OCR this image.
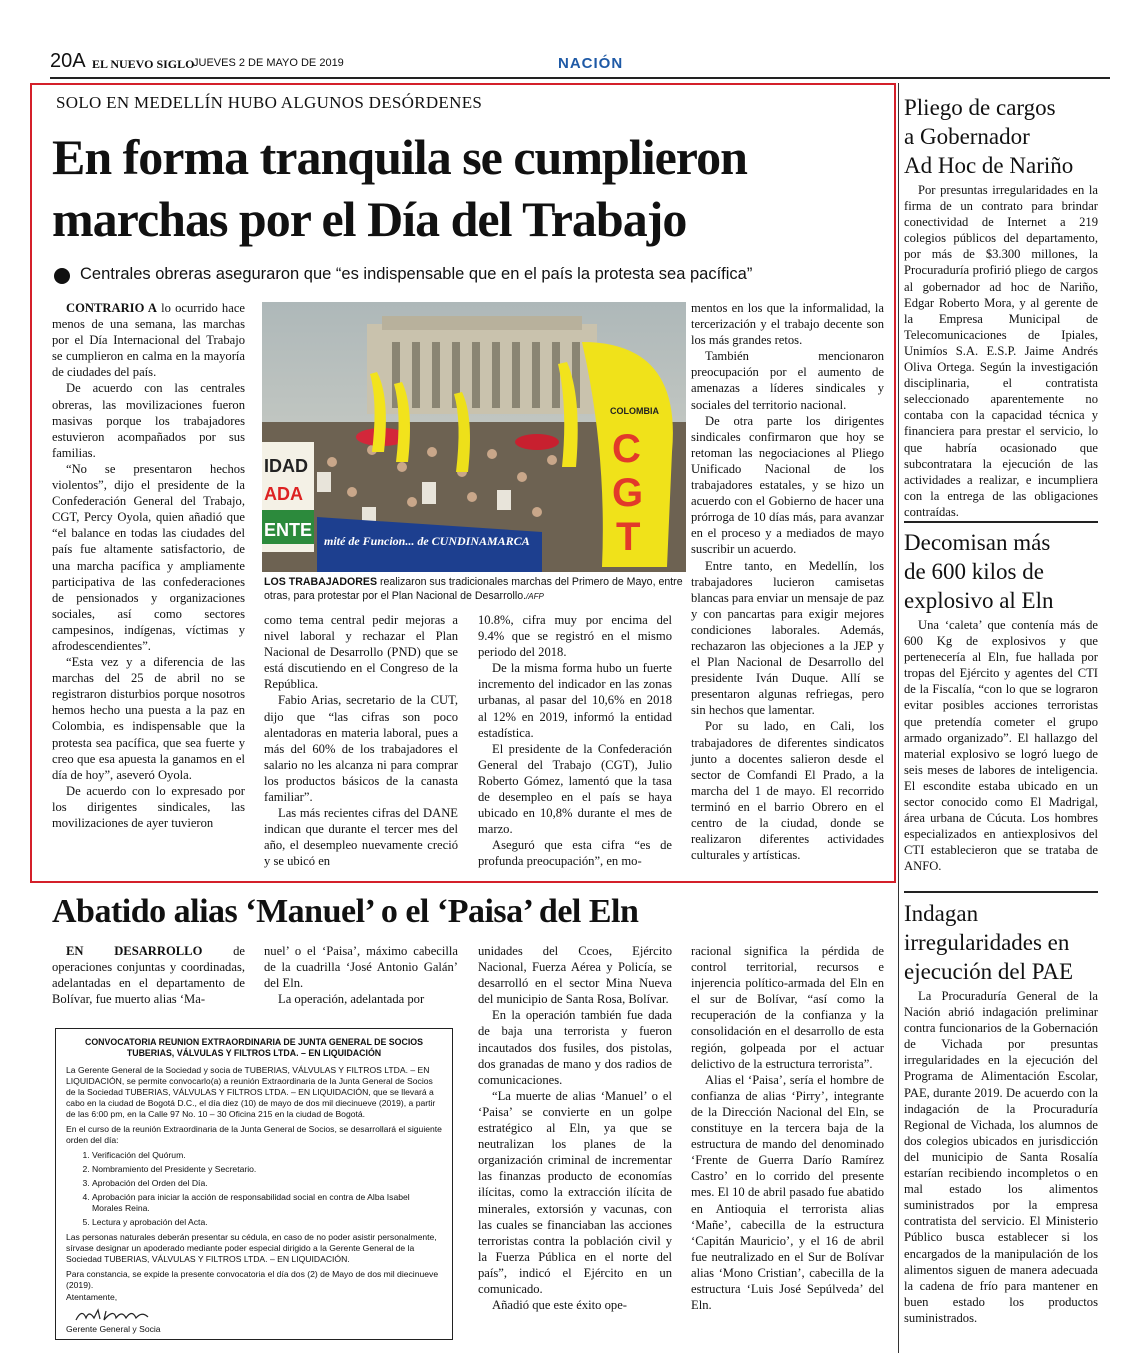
20A EL NUEVO SIGLO
JUEVES 2 DE MAYO DE 2019	NACIÓN
SOLO EN MEDELLÍN HUBO ALGUNOS DESÓRDENES
En forma tranquila se cumplieron
marchas por el Día del Trabajo
Centrales obreras aseguraron que “es indispensable que en el país la protesta sea pacífica”
IDAD
ADA
ENTE
mité de Funcion... de CUNDINAMARCA
COLOMBIA
C
G
T
LOS TRABAJADORES realizaron sus tradicionales marchas del Primero de Mayo, entre otras, para protestar por el Plan Nacional de Desarrollo./AFP

CONTRARIO A lo ocurrido hace menos de una semana, las marchas por el Día Internacional del Trabajo se cumplieron en calma en la mayoría de ciudades del país.

De acuerdo con las centrales obreras, las movilizaciones fueron masivas porque los trabajadores estuvieron acompañados por sus familias.

“No se presentaron hechos violentos”, dijo el presidente de la Confederación General del Trabajo, CGT, Percy Oyola, quien añadió que “el balance en todas las ciudades del país fue altamente satisfactorio, de una marcha pacífica y ampliamente participativa de las confederaciones de pensionados y organizaciones sociales, así como sectores campesinos, indígenas, víctimas y afrodescendientes”.

“Esta vez y a diferencia de las marchas del 25 de abril no se registraron disturbios porque nosotros hemos hecho una puesta a la paz en Colombia, es indispensable que la protesta sea pacífica, que sea fuerte y creo que esa apuesta la ganamos en el día de hoy”, aseveró Oyola.

De acuerdo con lo expresado por los dirigentes sindicales, las movilizaciones de ayer tuvieron

como tema central pedir mejoras a nivel laboral y rechazar el Plan Nacional de Desarrollo (PND) que se está discutiendo en el Congreso de la República.

Fabio Arias, secretario de la CUT, dijo que “las cifras son poco alentadoras en materia laboral, pues a más del 60% de los trabajadores el salario no les alcanza ni para comprar los productos básicos de la canasta familiar”.

Las más recientes cifras del DANE indican que durante el tercer mes del año, el desempleo nuevamente creció y se ubicó en

10.8%, cifra muy por encima del 9.4% que se registró en el mismo periodo del 2018.

De la misma forma hubo un fuerte incremento del indicador en las zonas urbanas, al pasar del 10,6% en 2018 al 12% en 2019, informó la entidad estadística.

El presidente de la Confederación General del Trabajo (CGT), Julio Roberto Gómez, lamentó que la tasa de desempleo en el país se haya ubicado en 10,8% durante el mes de marzo.

Aseguró que esta cifra “es de profunda preocupación”, en mo-

mentos en los que la informalidad, la tercerización y el trabajo decente son los más grandes retos.

También mencionaron preocupación por el aumento de amenazas a líderes sindicales y sociales del territorio nacional.

De otra parte los dirigentes sindicales confirmaron que hoy se retoman las negociaciones al Pliego Unificado Nacional de los trabajadores estatales, y se hizo un acuerdo con el Gobierno de hacer una prórroga de 10 días más, para avanzar en el proceso y a mediados de mayo suscribir un acuerdo.

Entre tanto, en Medellín, los trabajadores lucieron camisetas blancas para enviar un mensaje de paz y con pancartas para exigir mejores condiciones laborales. Además, rechazaron las objeciones a la JEP y el Plan Nacional de Desarrollo del presidente Iván Duque. Allí se presentaron algunas refriegas, pero sin hechos que lamentar.

Por su lado, en Cali, los trabajadores de diferentes sindicatos junto a docentes salieron desde el sector de Comfandi El Prado, a la marcha del 1 de mayo. El recorrido terminó en el barrio Obrero en el centro de la ciudad, donde se realizaron diferentes actividades culturales y artísticas.

Pliego de cargos
a Gobernador
Ad Hoc de Nariño

Por presuntas irregularidades en la firma de un contrato para brindar conectividad de Internet a 219 colegios públicos del departamento, por más de $3.300 millones, la Procuraduría profirió pliego de cargos al gobernador ad hoc de Nariño, Edgar Roberto Mora, y al gerente de la Empresa Municipal de Telecomunicaciones de Ipiales, Unimíos S.A. E.S.P. Jaime Andrés Oliva Ortega. Según la investigación disciplinaria, el contratista seleccionado aparentemente no contaba con la capacidad técnica y financiera para prestar el servicio, lo que habría ocasionado que subcontratara la ejecución de las actividades a realizar, e incumpliera con la entrega de las obligaciones contraídas.

Decomisan más
de 600 kilos de
explosivo al Eln

Una ‘caleta’ que contenía más de 600 Kg de explosivos y que pertenecería al Eln, fue hallada por tropas del Ejército y agentes del CTI de la Fiscalía, “con lo que se lograron evitar posibles acciones terroristas que pretendía cometer el grupo armado organizado”. El hallazgo del material explosivo se logró luego de seis meses de labores de inteligencia. El escondite estaba ubicado en un sector conocido como El Madrigal, área urbana de Cúcuta. Los hombres especializados en antiexplosivos del CTI establecieron que se trataba de ANFO.

Indagan
irregularidades en
ejecución del PAE

La Procuraduría General de la Nación abrió indagación preliminar contra funcionarios de la Gobernación de Vichada por presuntas irregularidades en la ejecución del Programa de Alimentación Escolar, PAE, durante 2019. De acuerdo con la indagación de la Procuraduría Regional de Vichada, los alumnos de dos colegios ubicados en jurisdicción del municipio de Santa Rosalía estarían recibiendo incompletos o en mal estado los alimentos suministrados por la empresa contratista del servicio. El Ministerio Público busca establecer si los encargados de la manipulación de los alimentos siguen de manera adecuada la cadena de frío para mantener en buen estado los productos suministrados.

Abatido alias ‘Manuel’ o el ‘Paisa’ del Eln

EN DESARROLLO de operaciones conjuntas y coordinadas, adelantadas en el departamento de Bolívar, fue muerto alias ‘Ma-

nuel’ o el ‘Paisa’, máximo cabecilla de la cuadrilla ‘José Antonio Galán’ del Eln.

La operación, adelantada por

unidades del Ccoes, Ejército Nacional, Fuerza Aérea y Policía, se desarrolló en el sector Mina Nueva del municipio de Santa Rosa, Bolívar.

En la operación también fue dada de baja una terrorista y fueron incautados dos fusiles, dos pistolas, dos granadas de mano y dos radios de comunicaciones.

“La muerte de alias ‘Manuel’ o el ‘Paisa’ se convierte en un golpe estratégico al Eln, ya que se neutralizan los planes de la organización criminal de incrementar las finanzas producto de economías ilícitas, como la extracción ilícita de minerales, extorsión y vacunas, con las cuales se financiaban las acciones terroristas contra la población civil y la Fuerza Pública en el norte del país”, indicó el Ejército en un comunicado.

Añadió que este éxito ope-

racional significa la pérdida de control territorial, recursos e injerencia político-armada del Eln en el sur de Bolívar, “así como la recuperación de la confianza y la consolidación en el desarrollo de esta región, golpeada por el actuar delictivo de la estructura terrorista”.

Alias el ‘Paisa’, sería el hombre de confianza de alias ‘Pirry’, integrante de la Dirección Nacional del Eln, se constituye en la tercera baja de la estructura de mando del denominado ‘Frente de Guerra Darío Ramírez Castro’ en lo corrido del presente mes. El 10 de abril pasado fue abatido en Antioquia el terrorista alias ‘Mañe’, cabecilla de la estructura ‘Capitán Mauricio’, y el 16 de abril fue neutralizado en el Sur de Bolívar alias ‘Mono Cristian’, cabecilla de la estructura ‘Luis José Sepúlveda’ del Eln.

CONVOCATORIA REUNION EXTRAORDINARIA DE JUNTA GENERAL DE SOCIOS
TUBERIAS, VÁLVULAS Y FILTROS LTDA. – EN LIQUIDACIÓN

La Gerente General de la Sociedad y socia de TUBERIAS, VÁLVULAS Y FILTROS LTDA. – EN LIQUIDACIÓN, se permite convocarlo(a) a reunión Extraordinaria de la Junta General de Socios de la Sociedad TUBERIAS, VÁLVULAS Y FILTROS LTDA. – EN LIQUIDACIÓN, que se llevará a cabo en la ciudad de Bogotá D.C., el día diez (10) de mayo de dos mil diecinueve (2019), a partir de las 6:00 pm, en la Calle 97 No. 10 – 30 Oficina 215 en la ciudad de Bogotá.

En el curso de la reunión Extraordinaria de la Junta General de Socios, se desarrollará el siguiente orden del día:

1. Verificación del Quórum.
2. Nombramiento del Presidente y Secretario.
3. Aprobación del Orden del Día.
4. Aprobación para iniciar la acción de responsabilidad social en contra de Alba Isabel Morales Reina.
5. Lectura y aprobación del Acta.

Las personas naturales deberán presentar su cédula, en caso de no poder asistir personalmente, sírvase designar un apoderado mediante poder especial dirigido a la Gerente General de la Sociedad TUBERIAS, VÁLVULAS Y FILTROS LTDA. – EN LIQUIDACIÓN.

Para constancia, se expide la presente convocatoria el día dos (2) de Mayo de dos mil diecinueve (2019).

Atentamente,

Gerente General y Socia
